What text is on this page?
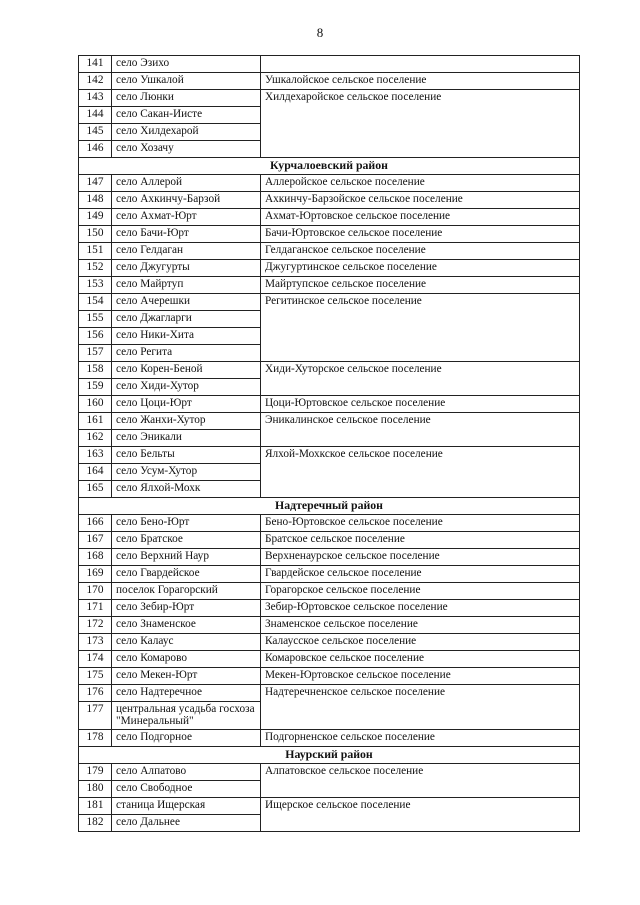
8
141	село Эзихо	
142	село Ушкалой	Ушкалойское сельское поселение
143	село Люнки	Хилдехаройское сельское поселение
144	село Сакан-Иисте	
145	село Хилдехарой	
146	село Хозачу	
Курчалоевский район		
147	село Аллерой	Аллеройское сельское поселение
148	село Ахкинчу-Барзой	Ахкинчу-Барзойское сельское поселение
149	село Ахмат-Юрт	Ахмат-Юртовское сельское поселение
150	село Бачи-Юрт	Бачи-Юртовское сельское поселение
151	село Гелдаган	Гелдаганское сельское поселение
152	село Джугурты	Джугуртинское сельское поселение
153	село Майртуп	Майртупское сельское поселение
154	село Ачерешки	Регитинское сельское поселение
155	село Джагларги	
156	село Ники-Хита	
157	село Регита	
158	село Корен-Беной	Хиди-Хуторское сельское поселение
159	село Хиди-Хутор	
160	село Цоци-Юрт	Цоци-Юртовское сельское поселение
161	село Жанхи-Хутор	Эникалинское сельское поселение
162	село Эникали	
163	село Бельты	Ялхой-Мохкское сельское поселение
164	село Усум-Хутор	
165	село Ялхой-Мохк	
Надтеречный район		
166	село Бено-Юрт	Бено-Юртовское сельское поселение
167	село Братское	Братское сельское поселение
168	село Верхний Наур	Верхненаурское сельское поселение
169	село Гвардейское	Гвардейское сельское поселение
170	поселок Горагорский	Горагорское сельское поселение
171	село Зебир-Юрт	Зебир-Юртовское сельское поселение
172	село Знаменское	Знаменское сельское поселение
173	село Калаус	Калаусское сельское поселение
174	село Комарово	Комаровское сельское поселение
175	село Мекен-Юрт	Мекен-Юртовское сельское поселение
176	село Надтеречное	Надтеречненское сельское поселение
177	центральная усадьба госхоза "Минеральный"	
178	село Подгорное	Подгорненское сельское поселение
Наурский район		
179	село Алпатово	Алпатовское сельское поселение
180	село Свободное	
181	станица Ищерская	Ищерское сельское поселение
182	село Дальнее	
